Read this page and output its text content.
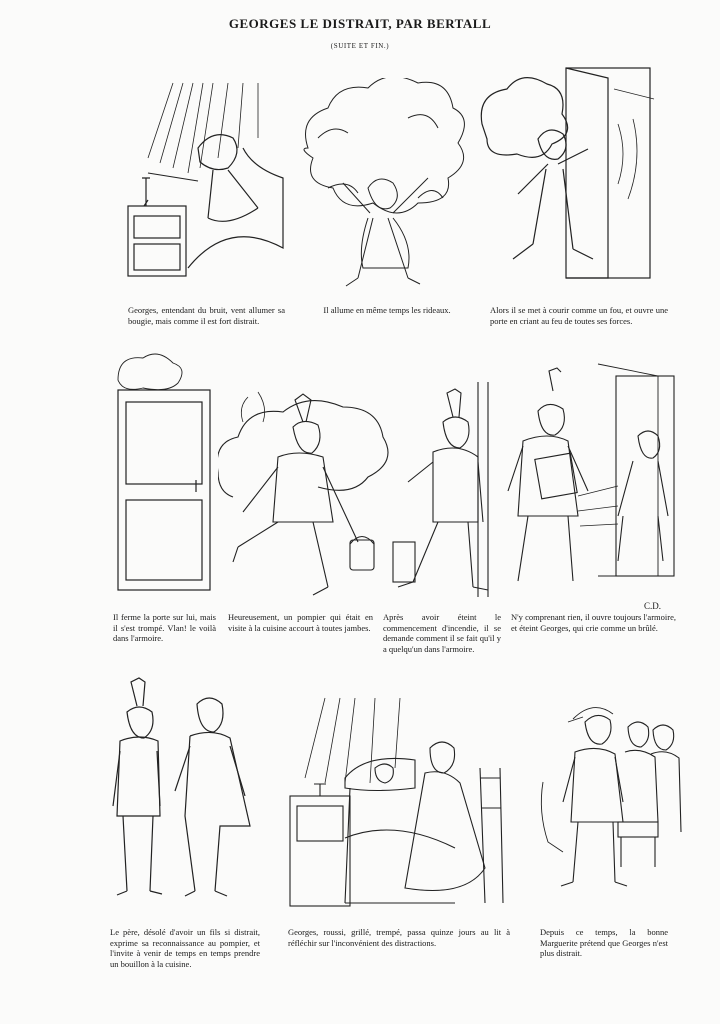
GEORGES LE DISTRAIT, PAR BERTALL
(SUITE ET FIN.)
Georges, entendant du bruit, vent allumer sa bougie, mais comme il est fort distrait.
Il allume en même temps les rideaux.	Alors il se met à courir comme un fou, et ouvre une porte en criant au feu de toutes ses forces.
C.D.
Il ferme la porte sur lui, mais il s'est trompé. Vlan! le voilà dans l'armoire.
Heureusement, un pompier qui était en visite à la cuisine accourt à toutes jambes.
Après avoir éteint le commencement d'incendie, il se demande comment il se fait qu'il y a quelqu'un dans l'armoire.
N'y comprenant rien, il ouvre toujours l'armoire, et éteint Georges, qui crie comme un brûlé.
Le père, désolé d'avoir un fils si distrait, exprime sa reconnaissance au pompier, et l'invite à venir de temps en temps prendre un bouillon à la cuisine.
Georges, roussi, grillé, trempé, passa quinze jours au lit à réfléchir sur l'inconvénient des distractions.
Depuis ce temps, la bonne Marguerite prétend que Georges n'est plus distrait.
